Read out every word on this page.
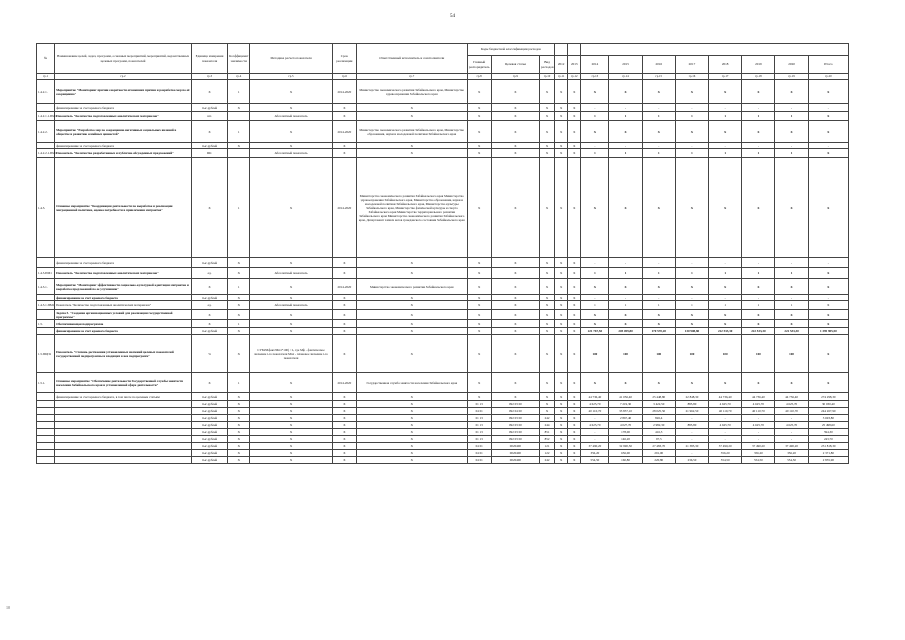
54
10
№	Наименование целей, задач, программ, основных мероприятий, мероприятий, ведомственных целевых программ, показателей	Единица измерения показателя	Коэффициент значимости	Методика расчета показателя	Срок реализации	Ответственный исполнитель и соисполнители	Коды бюджетной классификации расходов												
							Главный распорядитель	Целевая статья	Вид расходов	2012	2013	2014	2015	2016	2017	2018	2019	2020	Итого
гр.1	гр.2	гр.3	гр.4	гр.5	гр.6	гр.7	гр.8	гр.9	гр.10	гр.11	гр.12	гр.13	гр.14	гр.15	гр.16	гр.17	гр.18	гр.19	гр.20
1.4.2.1.	Мероприятие "Мониторинг причин секретности её внешних причин и разработка мер по её сокращению"	X	1	X	2014-2020	Министерство экономического развития Забайкальского края, Министерство здравоохранения Забайкальского края	X	X	X	X	X	X	X	X	X	X	X	X	X
	финансирование за счет краевого бюджета	тыс.рублей	X	X	X	X	X	X	X	X	X	-	-	-	-	-	-	-	-
1.4.2.1.1.ПМ1	Показатель "Количество подготовленных аналитических материалов"	шт.		Абсолютный показатель	X	X	X	X	X	X	X	1	1	1	1	1	1	1	X
1.4.2.2.	Мероприятие "Разработка мер по сокращению негативных социальных явлений в обществе и развитию семейных ценностей"	X	1	X	2014-2020	Министерство экономического развития Забайкальского края, Министерство образования, науки и молодежной политики Забайкальского края	X	X	X	X	X	X	X	X	X	X	X	X	X
	финансирование за счет краевого бюджета	тыс.рублей	X	X	X	X	X	X	X	X	X	-	-	-	-	-	-	-	-
1.4.2.2.1.ПМ1	Показатель "Количество разработанных и публично обсужденных предложений"	Шт.		Абсолютный показатель	X	X	X	X	X	X	X	1	1	1	1	1	1	1	X
1.4.3.	Основное мероприятие "Координация деятельности по выработке и реализации миграционной политики, оценка потребности в привлечении мигрантов"	X	1	X	2014-2020	Министерство экономического развития Забайкальского края Министерство здравоохранения Забайкальского края, Министерство образования, науки и молодежной политики Забайкальского края, Министерство культуры Забайкальского края, Министерство физической культуры и спорта Забайкальского края Министерство территориального развития Забайкальского края Министерство экономического развития Забайкальского края, Департамент записи актов гражданского состояния Забайкальского края	X	X	X	X	X	X	X	X	X	X	X	X	X
	финансирование за счет краевого бюджета	тыс.рублей	X	X	X	X	X	X	X	X	X	-	-	-	-	-	-	-	-
1.4.3.ПМ1	Показатель "Количество подготовленных аналитических материалов"	ед.	X	Абсолютный показатель	X	X	X	X	X	X	X	1	1	1	1	1	1	1	X
1.4.3.1.	Мероприятие "Мониторинг эффективности социально-культурной адаптации мигрантов и выработка предложений по ее улучшению"	X	1	X	2014-2020	Министерство экономического развития Забайкальского края	X	X	X	X	X	X	X	X	X	X	X	X	X
	финансирование за счет краевого бюджета	тыс.рублей	X	X	X	X	X	X	X	X	X	-	-	-	-	-	-	-	-
1.4.3.1.ПМ1	Показатель "Количество подготовленных аналитических материалов"	ед.	X	Абсолютный показатель	X	X	X	X	X	X	X	1	1	1	1	1	1	1	X
	Задача 5. "Создание организационных условий для реализации государственной программы"	X	X	X	X	X	X	X	X	X	X	X	X	X	X	X	X	X	X
1.5.	Обеспечивающая подпрограмма	X	1	X	X	X	X	X	X	X	X	X	X	X	X	X	X	X	X
	финансирование за счет краевого бюджета	тыс.рублей	X	X	X	X	X	X	X	X	X	221 767,50	205 059,80	170 570,20	130 908,80	222 533,30	222 533,30	222 533,30	1 395 905,50
1.5.ПЦП1	Показатель "Степень достижения установленных значений целевых показателей государственной подпрограммы и входящих в нее подпрограмм"	%	X	СУМ/Мфакт/Мпл*100) / L, где Мф - фактическое значение i-го показателя Мпл - плановое значение i-го показателя	X	X	X	X	X	X	X	100	100	100	100	100	100	100	X
1.5.1.	Основное мероприятие "Обеспечение деятельности Государственной службы занятости населения Забайкальского края и установленной сфере деятельности"	X	1	X	2014-2020	Государственная служба занятости населения Забайкальского края	X	X	X	X	X	X	X	X	X	X	X	X	X
	финансирование за счет краевого бюджета, в том числе по целевым статьям:	тыс.рублей	X	X	X	X	X	X	X	X	X	44 736,40	41 056,40	25 448,80	22 848,30	44 736,40	44 736,40	44 736,40	274 298,30
		тыс.рублей	X	X	X	X	01 13	092 03 00	X	X	X	4 625,70	7 219,30	3 422,50	885,80	4 625,70	4 625,70	4 625,70	30 030,40
		тыс.рублей	X	X	X	X	04 01	092 04 00	X	X	X	40 110,70	33 837,10	28 025,50	21 962,50	40 110,70	40 110,70	40 110,70	244 267,90
		тыс.рублей	X	X	X	X	01 13	092 03 00	242	X	X	-	2 867,40	826,4	-	-	-	-	3 693,80
		тыс.рублей	X	X	X	X	01 13	092 03 00	244	X	X	4 625,70	4 027,70	2 982,30	885,80	4 625,70	4 625,70	4 625,70	25 498,60
		тыс.рублей	X	X	X	X	01 13	092 03 00	851	X	X	-	178,00	416,3	-	-	-	-	594,30
		тыс.рублей	X	X	X	X	01 13	092 03 00	852	X	X	-	146,20	97,5	-	-	-	-	243,70
		тыс.рублей	X	X	X	X	04 01	0020400	121	X	X	37 490,20	32 990,50	27 483,70	21 385,30	37 490,20	37 490,20	37 490,20	231 818,30
		тыс.рублей	X	X	X	X	04 01	0020400	122	X	X	356,20	656,00	291,00	-	356,20	356,20	356,20	2 371,80
		тыс.рублей	X	X	X	X	04 01	0020400	242	X	X	554,50	160,80	220,80	236,50	554,50	554,50	554,50	2 835,90
